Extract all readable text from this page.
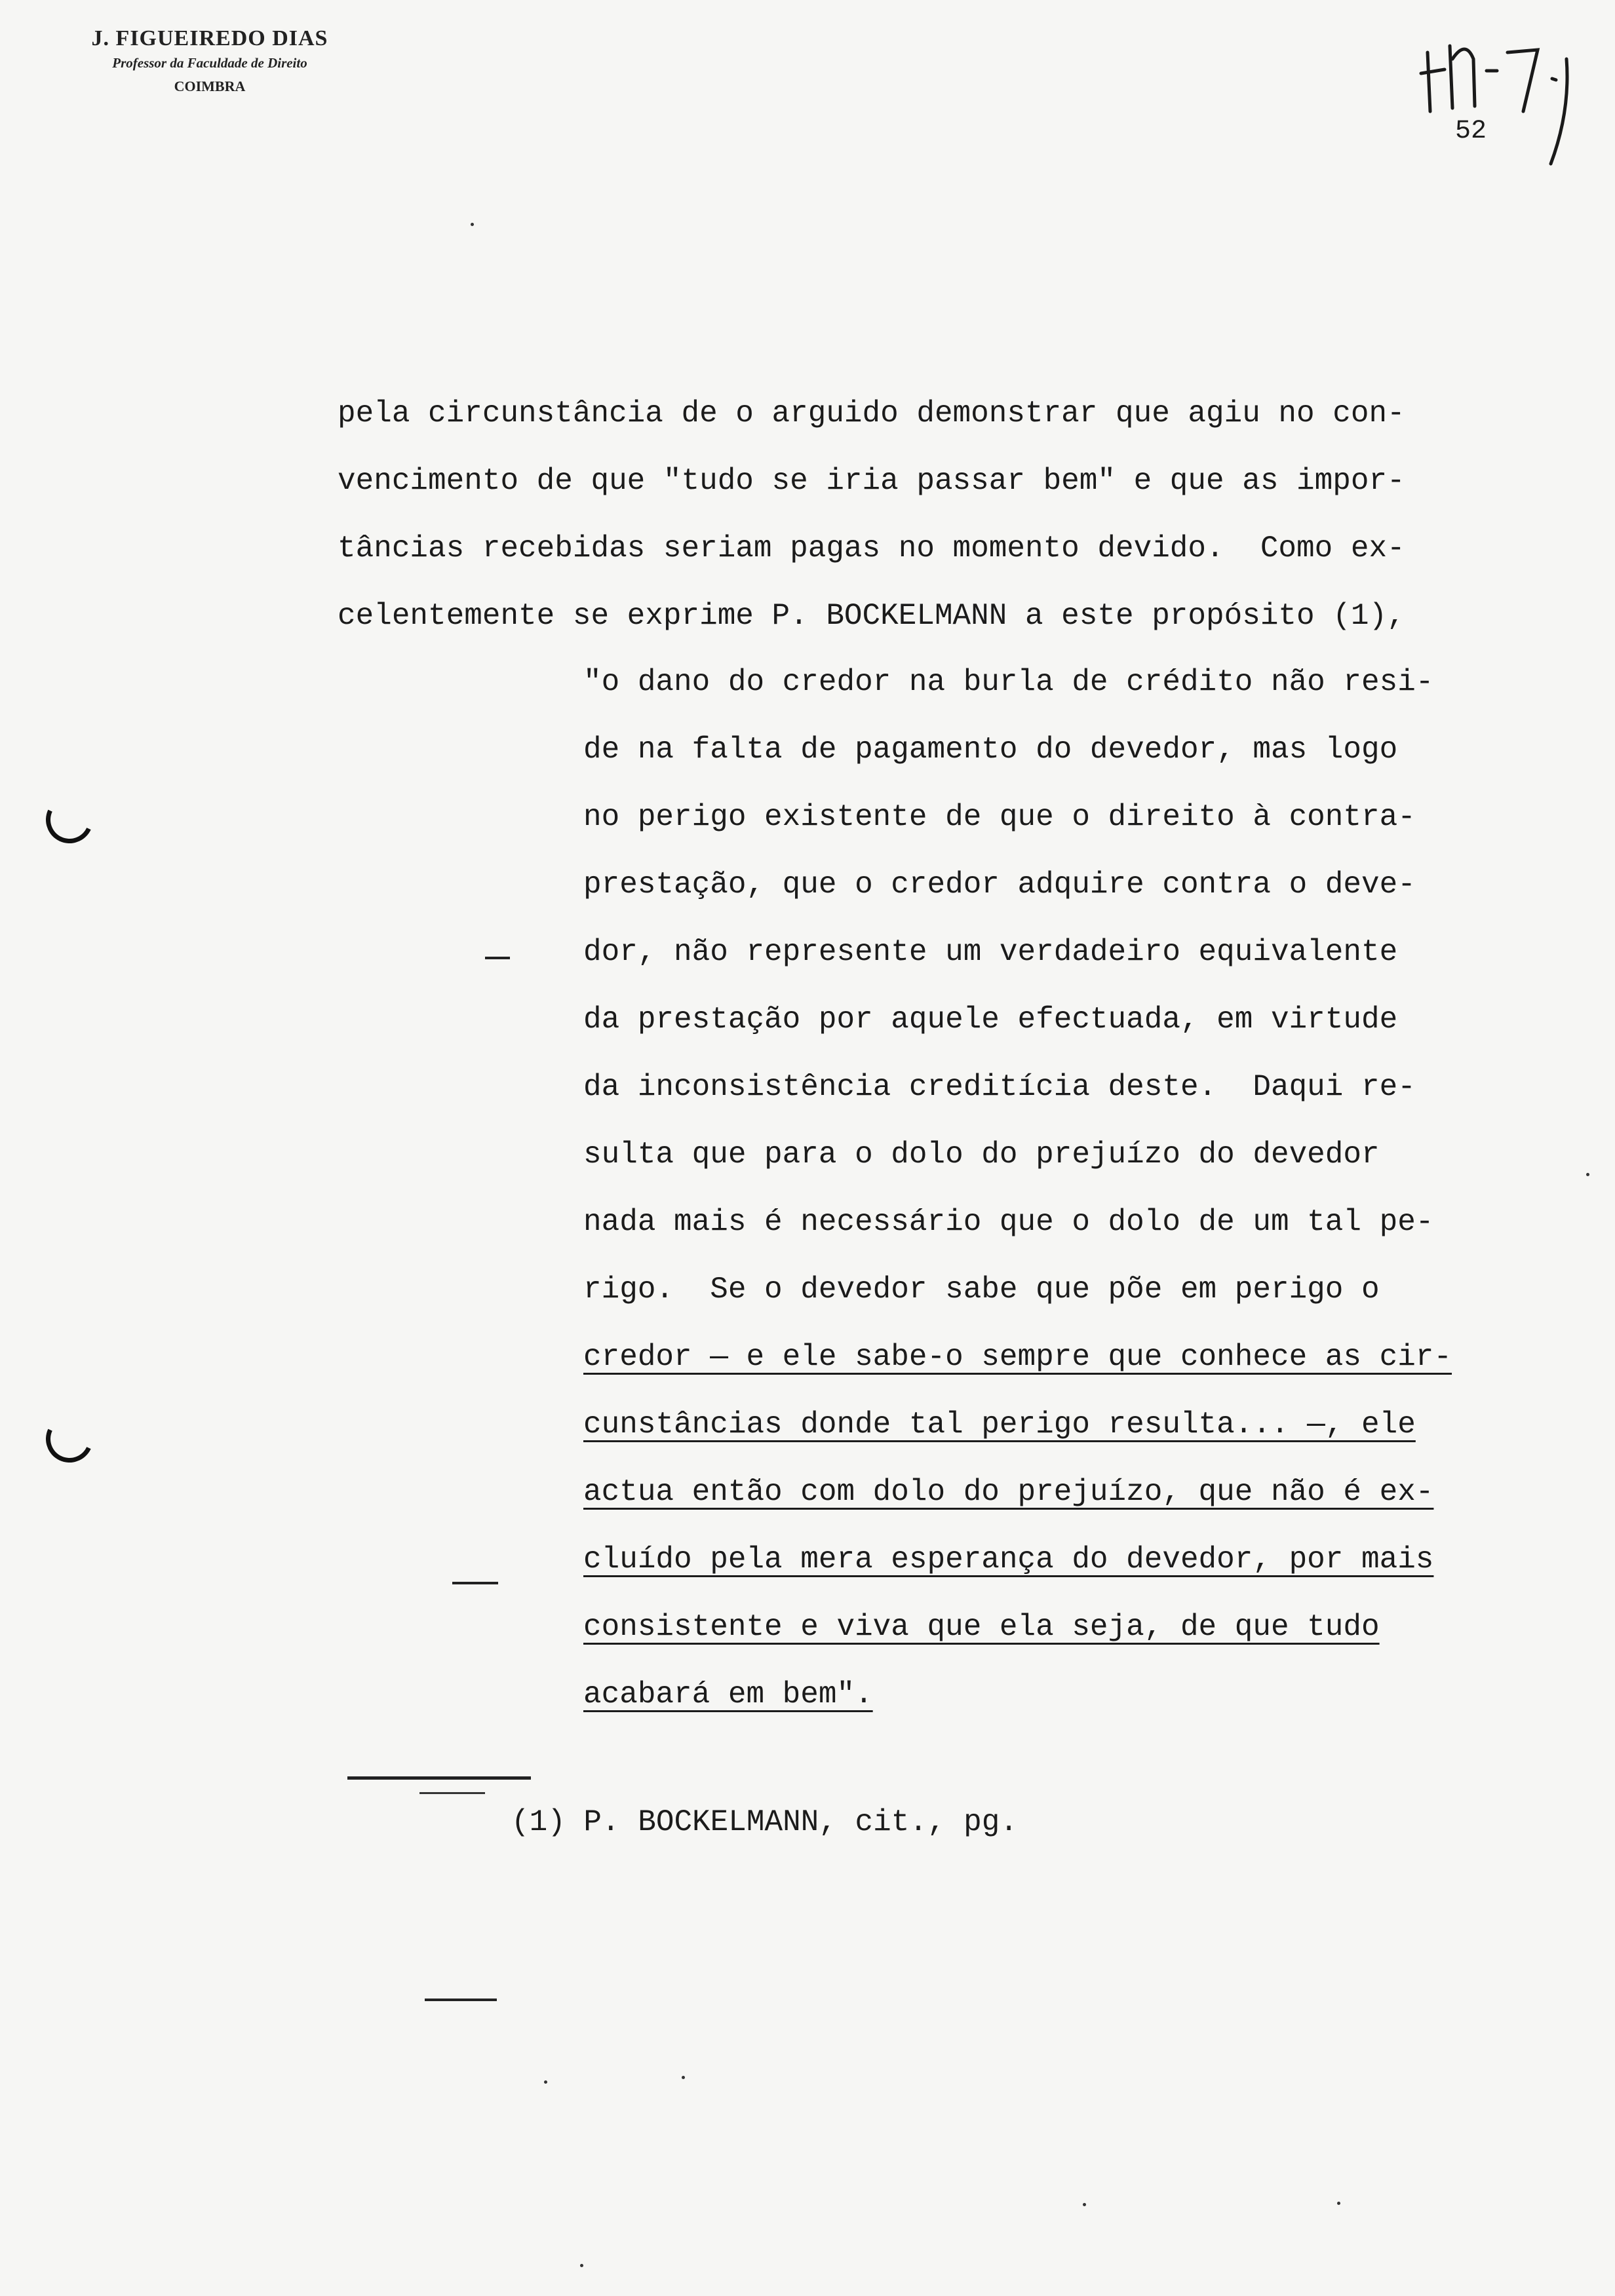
J. FIGUEIREDO DIAS
Professor da Faculdade de Direito
COIMBRA
52
pela circunstância de o arguido demonstrar que agiu no con-
vencimento de que "tudo se iria passar bem" e que as impor-
tâncias recebidas seriam pagas no momento devido.  Como ex-
celentemente se exprime P. BOCKELMANN a este propósito (1),
"o dano do credor na burla de crédito não resi-
de na falta de pagamento do devedor, mas logo
no perigo existente de que o direito à contra-
prestação, que o credor adquire contra o deve-
dor, não represente um verdadeiro equivalente
da prestação por aquele efectuada, em virtude
da inconsistência creditícia deste.  Daqui re-
sulta que para o dolo do prejuízo do devedor
nada mais é necessário que o dolo de um tal pe-
rigo.  Se o devedor sabe que põe em perigo o
credor — e ele sabe-o sempre que conhece as cir-
cunstâncias donde tal perigo resulta... —, ele
actua então com dolo do prejuízo, que não é ex-
cluído pela mera esperança do devedor, por mais
consistente e viva que ela seja, de que tudo
acabará em bem".
(1) P. BOCKELMANN, cit., pg.
